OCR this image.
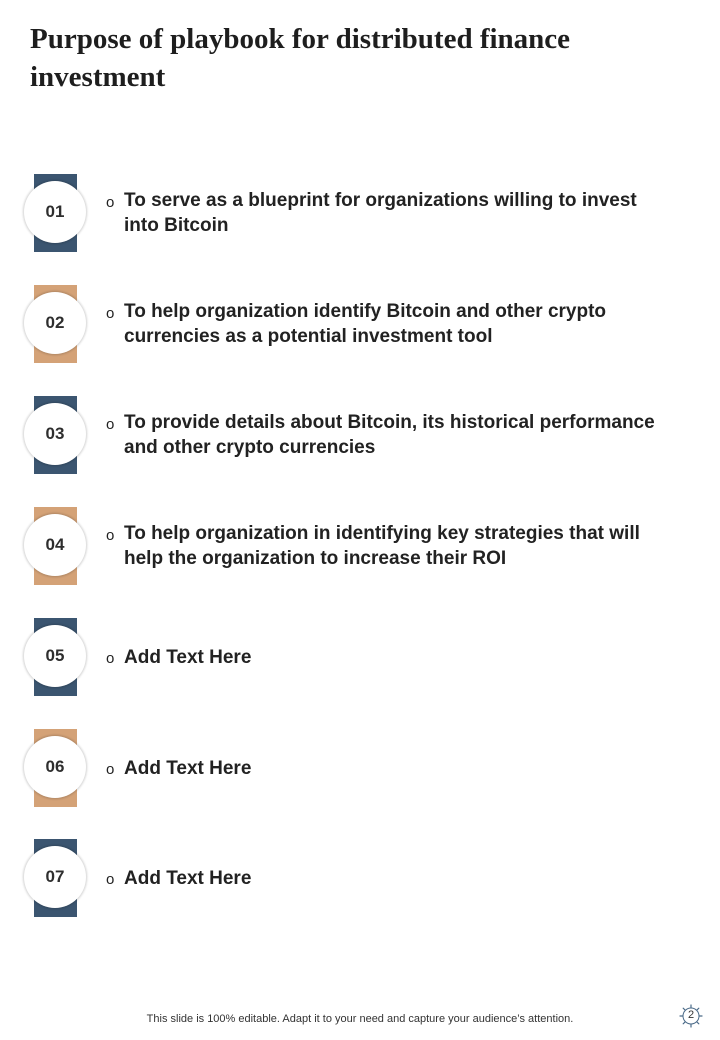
Purpose of playbook for distributed finance investment
01	o To serve as a blueprint for organizations willing to invest into Bitcoin
02	o To help organization identify Bitcoin and other crypto currencies as a potential investment tool
03	o To provide details about Bitcoin, its historical performance and other crypto currencies
04	o To help organization in identifying key strategies that will help the organization to increase their ROI
05	o Add Text Here
06	o Add Text Here
07	o Add Text Here
This slide is 100% editable. Adapt it to your need and capture your audience’s attention.	2
